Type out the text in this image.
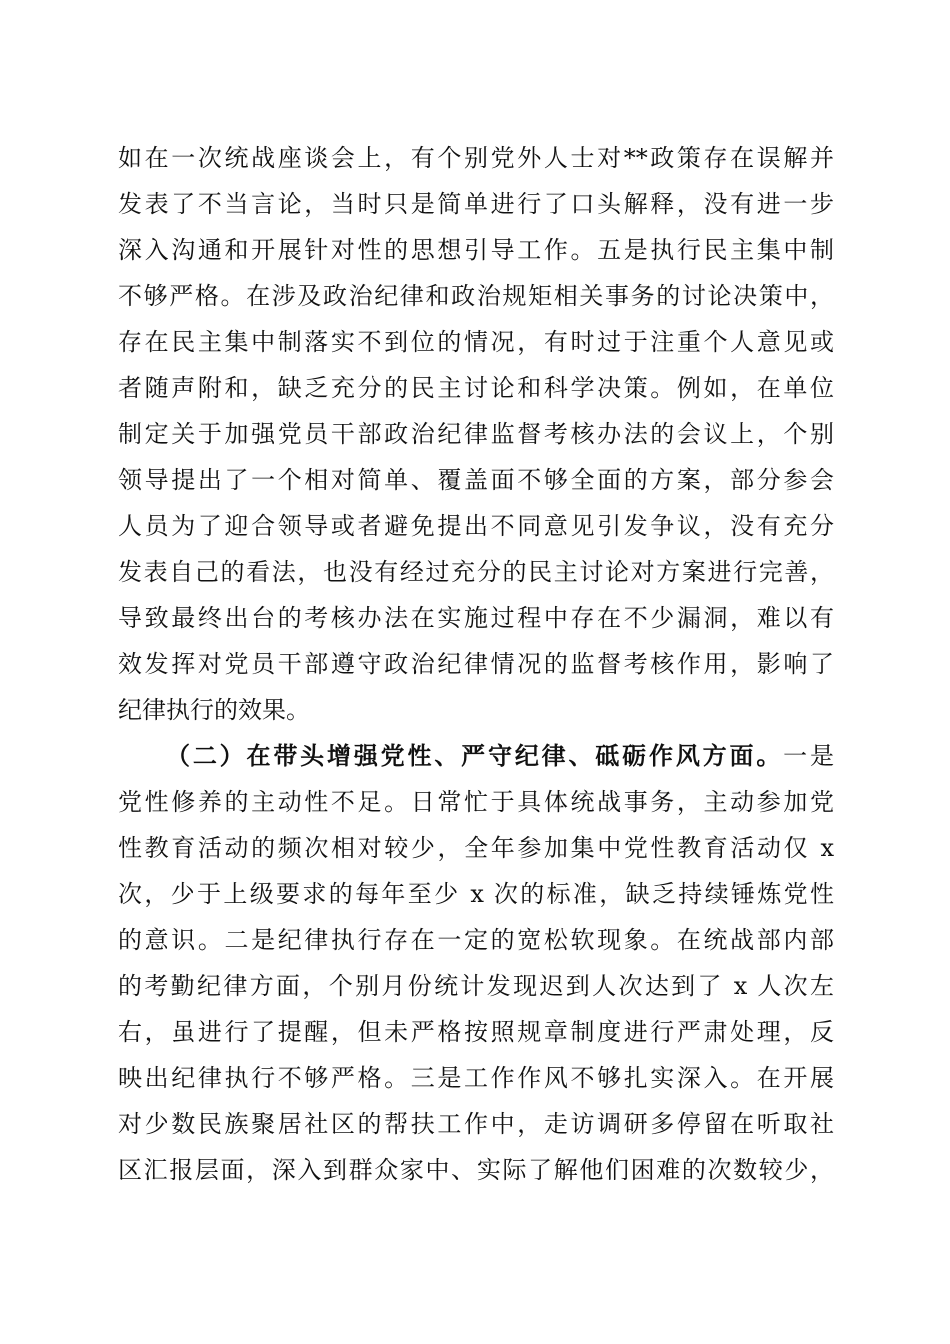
如在一次统战座谈会上，有个别党外人士对**政策存在误解并
发表了不当言论，当时只是简单进行了口头解释，没有进一步
深入沟通和开展针对性的思想引导工作。五是执行民主集中制
不够严格。在涉及政治纪律和政治规矩相关事务的讨论决策中，
存在民主集中制落实不到位的情况，有时过于注重个人意见或
者随声附和，缺乏充分的民主讨论和科学决策。例如，在单位
制定关于加强党员干部政治纪律监督考核办法的会议上，个别
领导提出了一个相对简单、覆盖面不够全面的方案，部分参会
人员为了迎合领导或者避免提出不同意见引发争议，没有充分
发表自己的看法，也没有经过充分的民主讨论对方案进行完善，
导致最终出台的考核办法在实施过程中存在不少漏洞，难以有
效发挥对党员干部遵守政治纪律情况的监督考核作用，影响了
纪律执行的效果。
（二）在带头增强党性、严守纪律、砥砺作风方面。一是
党性修养的主动性不足。日常忙于具体统战事务，主动参加党
性教育活动的频次相对较少，全年参加集中党性教育活动仅 x
次，少于上级要求的每年至少 x 次的标准，缺乏持续锤炼党性
的意识。二是纪律执行存在一定的宽松软现象。在统战部内部
的考勤纪律方面，个别月份统计发现迟到人次达到了 x 人次左
右，虽进行了提醒，但未严格按照规章制度进行严肃处理，反
映出纪律执行不够严格。三是工作作风不够扎实深入。在开展
对少数民族聚居社区的帮扶工作中，走访调研多停留在听取社
区汇报层面，深入到群众家中、实际了解他们困难的次数较少，
